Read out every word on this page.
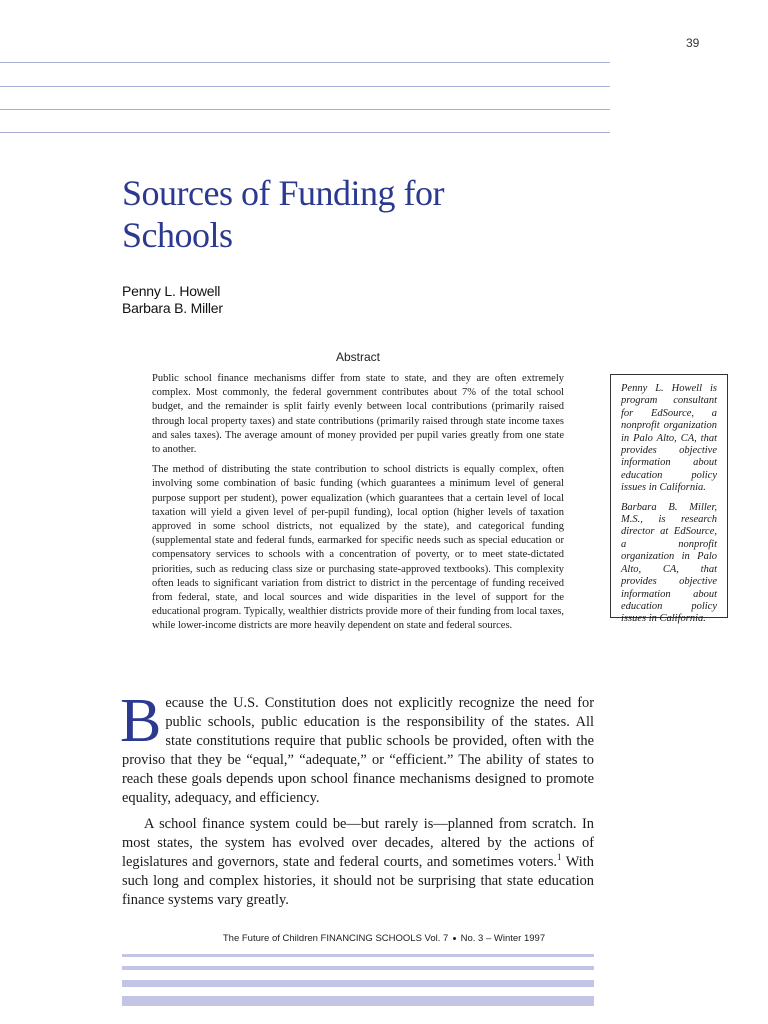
39
Sources of Funding for Schools
Penny L. Howell
Barbara B. Miller
Abstract

Public school finance mechanisms differ from state to state, and they are often extremely complex. Most commonly, the federal government contributes about 7% of the total school budget, and the remainder is split fairly evenly between local contributions (primarily raised through local property taxes) and state contributions (primarily raised through state income taxes and sales taxes). The average amount of money provided per pupil varies greatly from one state to another.

The method of distributing the state contribution to school districts is equally complex, often involving some combination of basic funding (which guarantees a minimum level of general purpose support per student), power equalization (which guarantees that a certain level of local taxation will yield a given level of per-pupil funding), local option (higher levels of taxation approved in some school districts, not equalized by the state), and categorical funding (supplemental state and federal funds, earmarked for specific needs such as special education or compensatory services to schools with a concentration of poverty, or to meet state-dictated priorities, such as reducing class size or purchasing state-approved textbooks). This complexity often leads to significant variation from district to district in the percentage of funding received from federal, state, and local sources and wide disparities in the level of support for the educational program. Typically, wealthier districts provide more of their funding from local taxes, while lower-income districts are more heavily dependent on state and federal sources.

Penny L. Howell is program consultant for EdSource, a nonprofit organization in Palo Alto, CA, that provides objective information about education policy issues in California.

Barbara B. Miller, M.S., is research director at EdSource, a nonprofit organization in Palo Alto, CA, that provides objective information about education policy issues in California.

Because the U.S. Constitution does not explicitly recognize the need for public schools, public education is the responsibility of the states. All state constitutions require that public schools be provided, often with the proviso that they be “equal,” “adequate,” or “efficient.” The ability of states to reach these goals depends upon school finance mechanisms designed to promote equality, adequacy, and efficiency.

A school finance system could be—but rarely is—planned from scratch. In most states, the system has evolved over decades, altered by the actions of legislatures and governors, state and federal courts, and sometimes voters.$^1$ With such long and complex histories, it should not be surprising that state education finance systems vary greatly.

The Future of Children FINANCING SCHOOLS Vol. 7 No. 3 – Winter 1997
